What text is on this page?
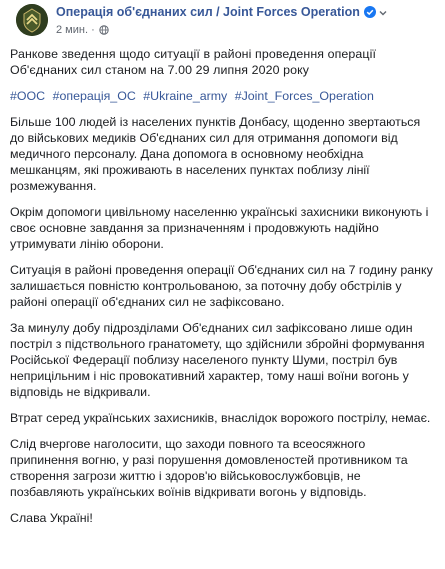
Операція об'єднаних сил / Joint Forces Operation
2 мин. ·

Ранкове зведення щодо ситуації в районі проведення операції Об'єднаних сил станом на 7.00 29 липня 2020 року

#ООС #операція_ОС #Ukraine_army #Joint_Forces_Operation

Більше 100 людей із населених пунктів Донбасу, щоденно звертаються до військових медиків Об'єднаних сил для отримання допомоги від медичного персоналу. Дана допомога в основному необхідна мешканцям, які проживають в населених пунктах поблизу лінії розмежування.

Окрім допомоги цивільному населенню українські захисники виконують і своє основне завдання за призначенням і продовжують надійно утримувати лінію оборони.

Ситуація в районі проведення операції Об'єднаних сил на 7 годину ранку залишається повністю контрольованою, за поточну добу обстрілів у районі операції об'єднаних сил не зафіксовано.

За минулу добу підрозділами Об'єднаних сил зафіксовано лише один постріл з підствольного гранатомету, що здійснили збройні формування Російської Федерації поблизу населеного пункту Шуми, постріл був неприцільним і ніс провокативний характер, тому наші воїни вогонь у відповідь не відкривали.

Втрат серед українських захисників, внаслідок ворожого пострілу, немає.

Слід вчергове наголосити, що заходи повного та всеосяжного припинення вогню, у разі порушення домовленостей противником та створення загрози життю і здоров'ю військовослужбовців, не позбавляють українських воїнів відкривати вогонь у відповідь.

Слава Україні!
